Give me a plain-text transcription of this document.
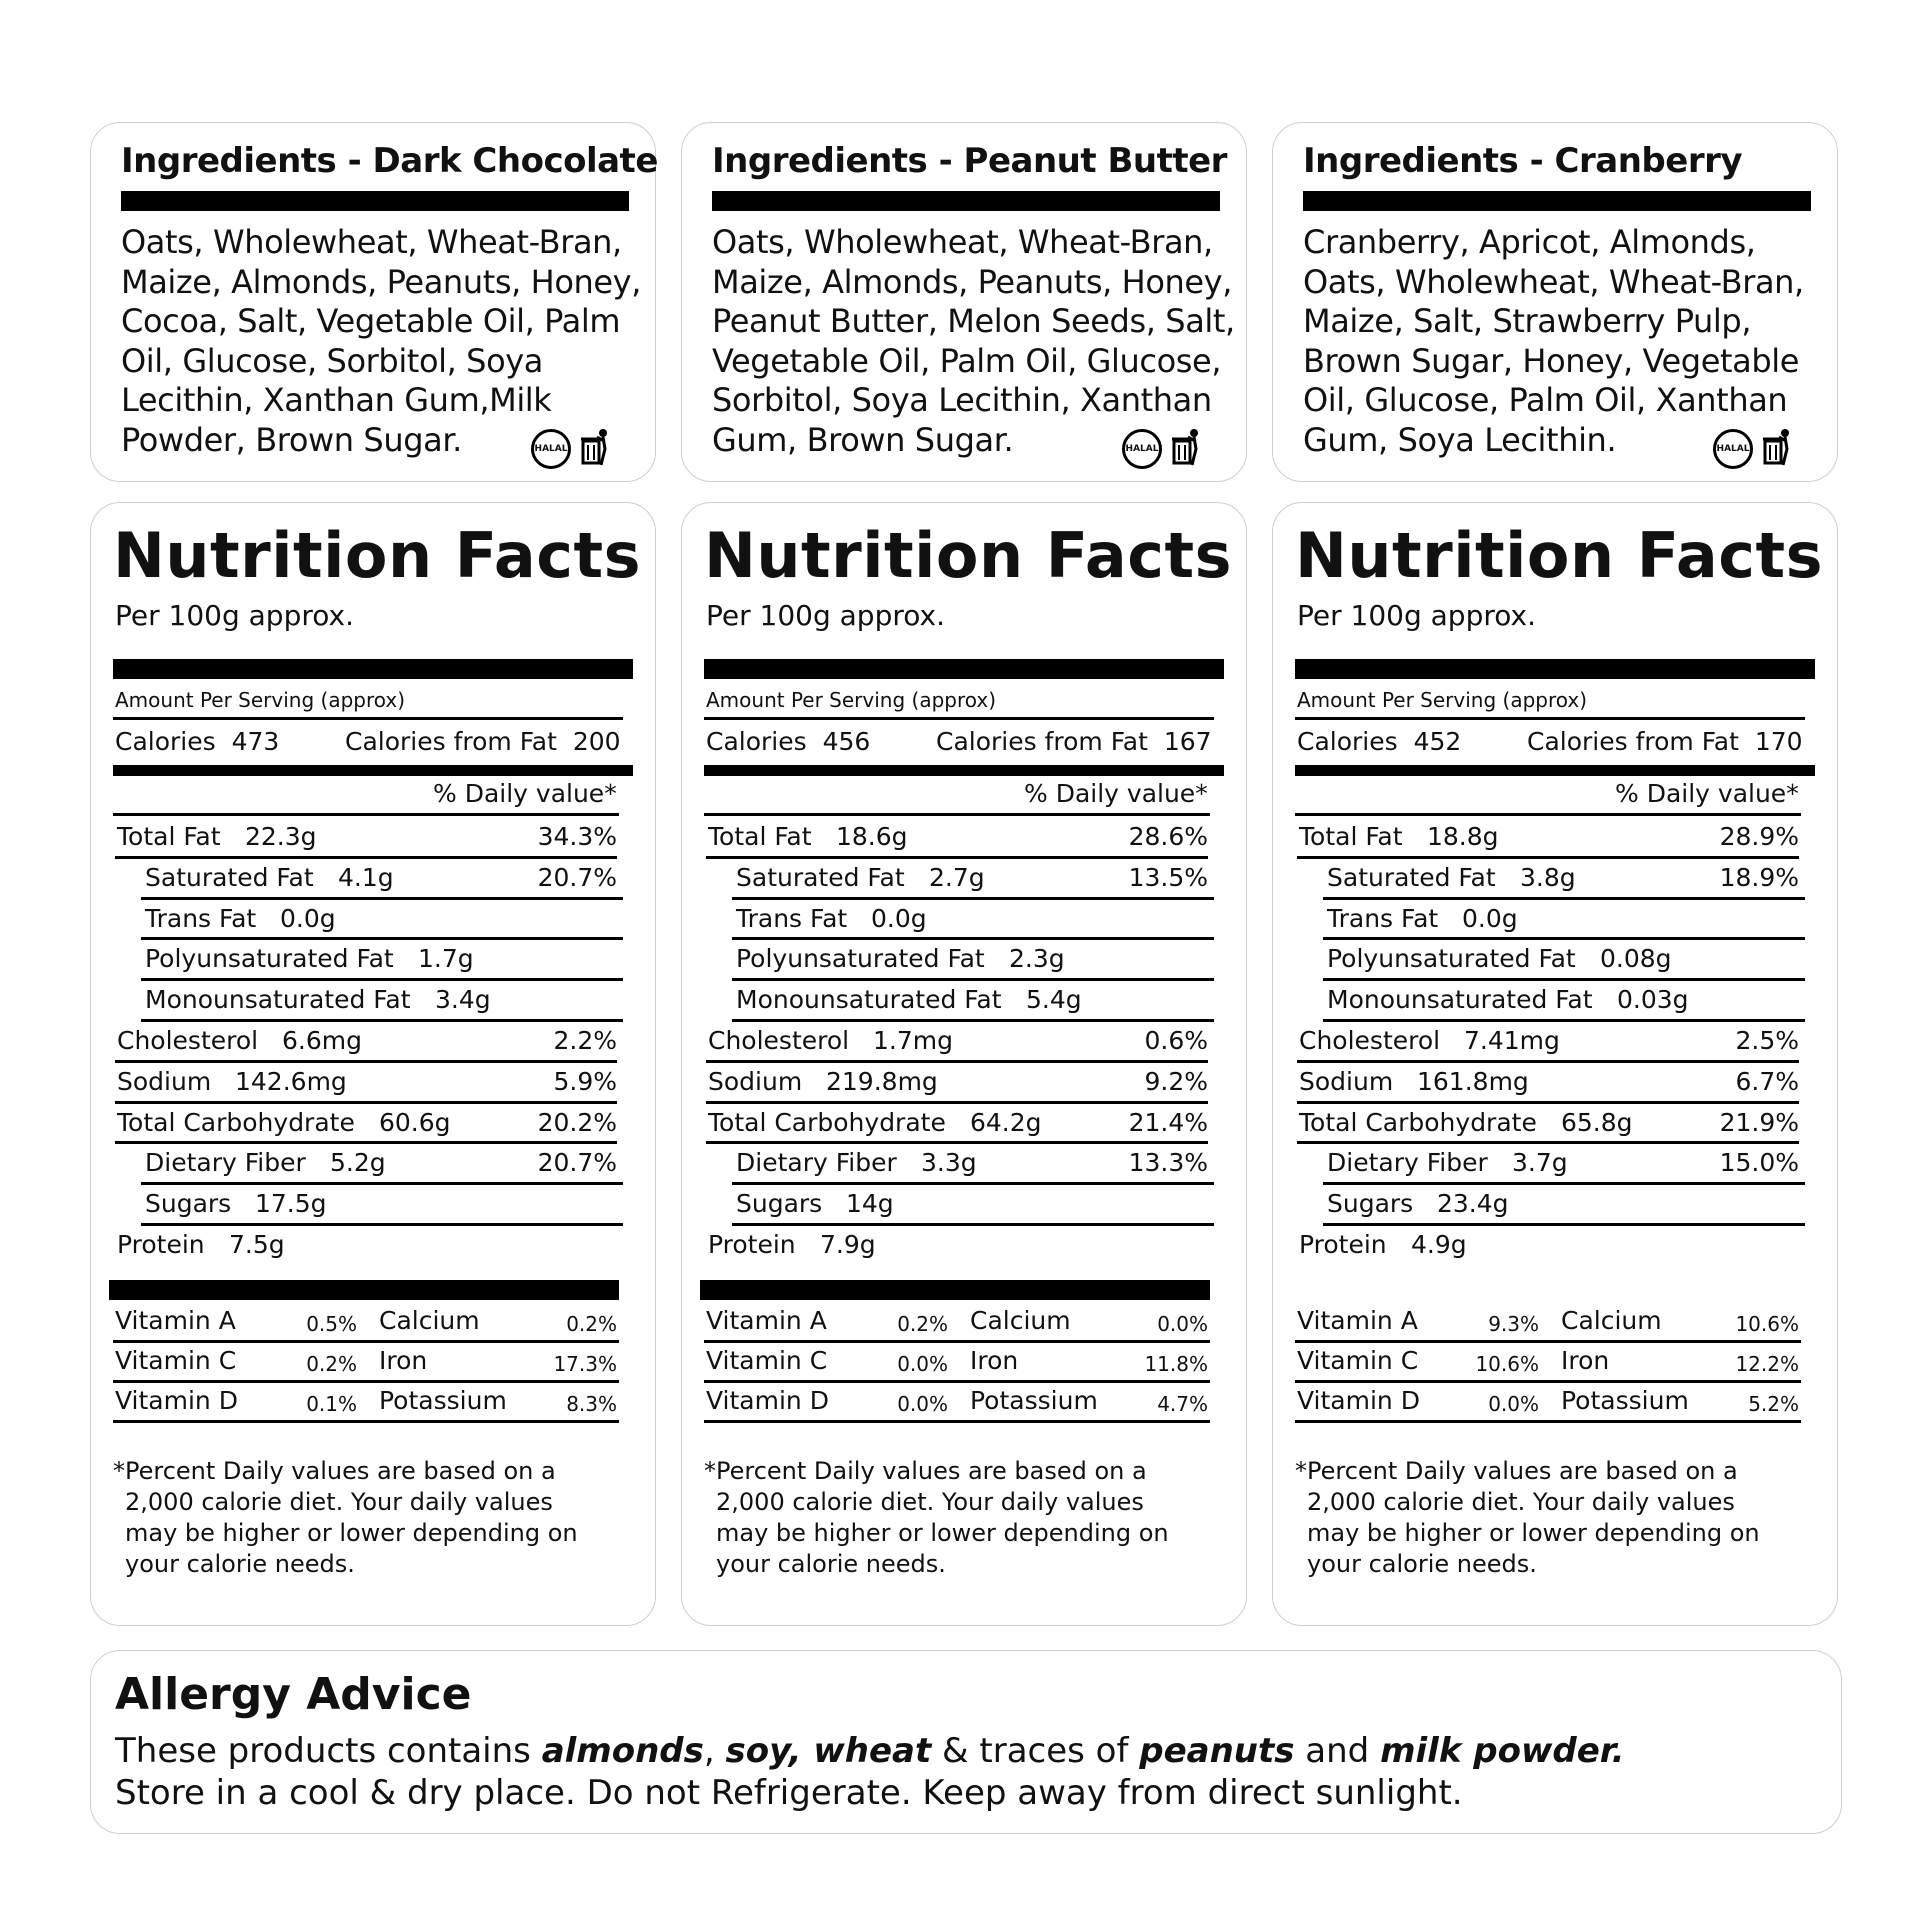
Ingredients - Dark Chocolate
Oats, Wholewheat, Wheat-Bran,
Maize, Almonds, Peanuts, Honey,
Cocoa, Salt, Vegetable Oil, Palm
Oil, Glucose, Sorbitol, Soya
Lecithin, Xanthan Gum,Milk
Powder, Brown Sugar.	HALAL
Ingredients - Peanut Butter
Oats, Wholewheat, Wheat-Bran,
Maize, Almonds, Peanuts, Honey,
Peanut Butter, Melon Seeds, Salt,
Vegetable Oil, Palm Oil, Glucose,
Sorbitol, Soya Lecithin, Xanthan
Gum, Brown Sugar.	HALAL
Ingredients - Cranberry
Cranberry, Apricot, Almonds,
Oats, Wholewheat, Wheat-Bran,
Maize, Salt, Strawberry Pulp,
Brown Sugar, Honey, Vegetable
Oil, Glucose, Palm Oil, Xanthan
Gum, Soya Lecithin.	HALAL
Nutrition Facts
Per 100g approx.
Amount Per Serving (approx)
Calories 473	Calories from Fat 200
% Daily value*
Total Fat 22.3g	34.3%
Saturated Fat 4.1g	20.7%
Trans Fat 0.0g
Polyunsaturated Fat 1.7g
Monounsaturated Fat 3.4g
Cholesterol 6.6mg	2.2%
Sodium 142.6mg	5.9%
Total Carbohydrate 60.6g	20.2%
Dietary Fiber 5.2g	20.7%
Sugars 17.5g
Protein 7.5g
Vitamin A	0.5% Calcium	0.2%
Vitamin C	0.2% Iron	17.3%
Vitamin D	0.1% Potassium	8.3%
*Percent Daily values are based on a
2,000 calorie diet. Your daily values
may be higher or lower depending on
your calorie needs.
Nutrition Facts
Per 100g approx.
Amount Per Serving (approx)
Calories 456	Calories from Fat 167
% Daily value*
Total Fat 18.6g	28.6%
Saturated Fat 2.7g	13.5%
Trans Fat 0.0g
Polyunsaturated Fat 2.3g
Monounsaturated Fat 5.4g
Cholesterol 1.7mg	0.6%
Sodium 219.8mg	9.2%
Total Carbohydrate 64.2g	21.4%
Dietary Fiber 3.3g	13.3%
Sugars 14g
Protein 7.9g
Vitamin A	0.2% Calcium	0.0%
Vitamin C	0.0% Iron	11.8%
Vitamin D	0.0% Potassium	4.7%
*Percent Daily values are based on a
2,000 calorie diet. Your daily values
may be higher or lower depending on
your calorie needs.
Nutrition Facts
Per 100g approx.
Amount Per Serving (approx)
Calories 452	Calories from Fat 170
% Daily value*
Total Fat 18.8g	28.9%
Saturated Fat 3.8g	18.9%
Trans Fat 0.0g
Polyunsaturated Fat 0.08g
Monounsaturated Fat 0.03g
Cholesterol 7.41mg	2.5%
Sodium 161.8mg	6.7%
Total Carbohydrate 65.8g	21.9%
Dietary Fiber 3.7g	15.0%
Sugars 23.4g
Protein 4.9g
Vitamin A	9.3% Calcium	10.6%
Vitamin C	10.6% Iron	12.2%
Vitamin D	0.0% Potassium	5.2%
*Percent Daily values are based on a
2,000 calorie diet. Your daily values
may be higher or lower depending on
your calorie needs.
Allergy Advice
These products contains almonds, soy, wheat & traces of peanuts and milk powder.
Store in a cool & dry place. Do not Refrigerate. Keep away from direct sunlight.
